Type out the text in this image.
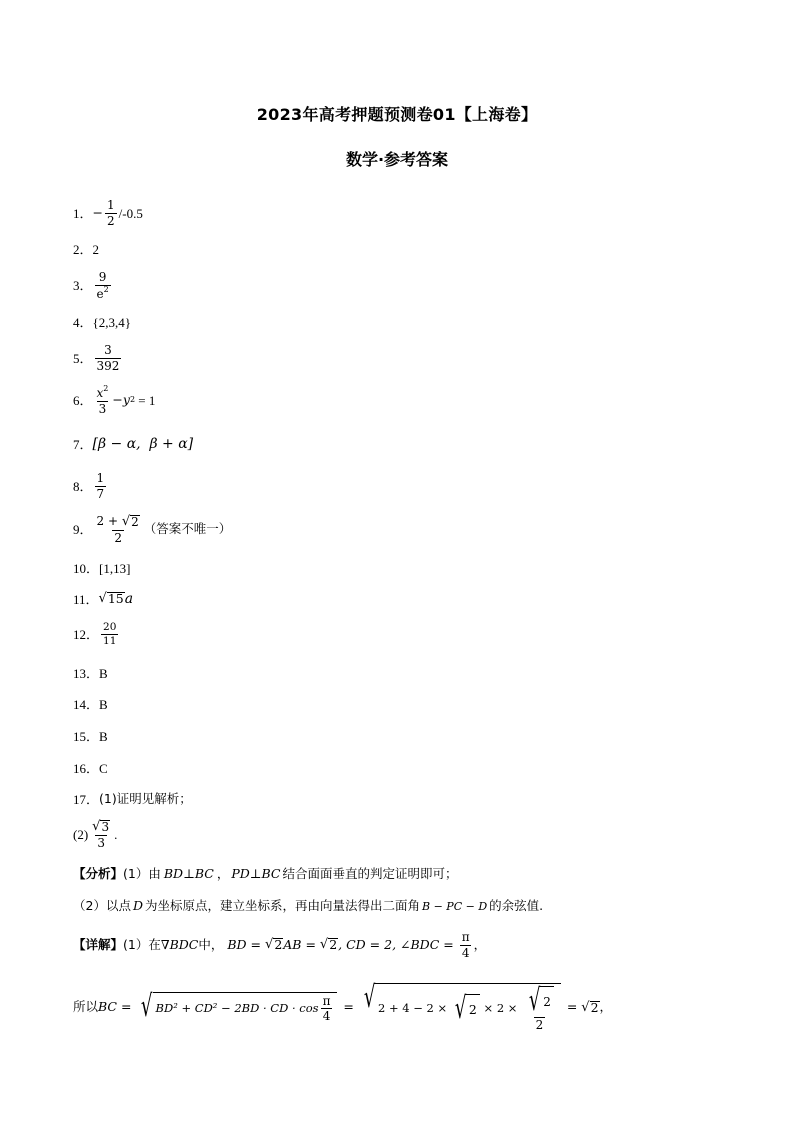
2023年高考押题预测卷01【上海卷】
数学·参考答案
1． − $\frac{1}{2} /-0.5$
2． 2
3． $\frac{9}{e^2}$
4． {2,3,4}
5． $\frac{3}{392}$
6． $\frac{x^2}{3} - y$ 2 = 1
7． [β − α,  β + α]
8． $\frac{1}{7}$
9． $\frac{2 + √ 2}{2}$ （答案不唯一）
10． [1,13]
11． √ 15 a
12． $\frac{20}{11}$
13． B
14． B
15． B
16． C
17． (1)证明见解析；
$(2) \frac{√ 3}{3}$ .
【分析】 (1）由 BD⊥BC ， PD⊥BC 结合面面垂直的判定证明即可；
（2）以点 D 为坐标原点，建立坐标系，再由向量法得出二面角 B − PC − D 的余弦值.
【详解】 (1）在 ∇BDC 中， BD = √ 2 AB = √ 2 , CD = 2, ∠BDC = $\frac{\pi}{4}$ ，
所以 BC = √ BD² + CD² − 2BD · CD · $\cos \frac{\pi}{4}$ = √ 2 + 4 − 2 × √ $2 \times 2 \times \frac{√ 2}{2}$ = √ 2 ，
